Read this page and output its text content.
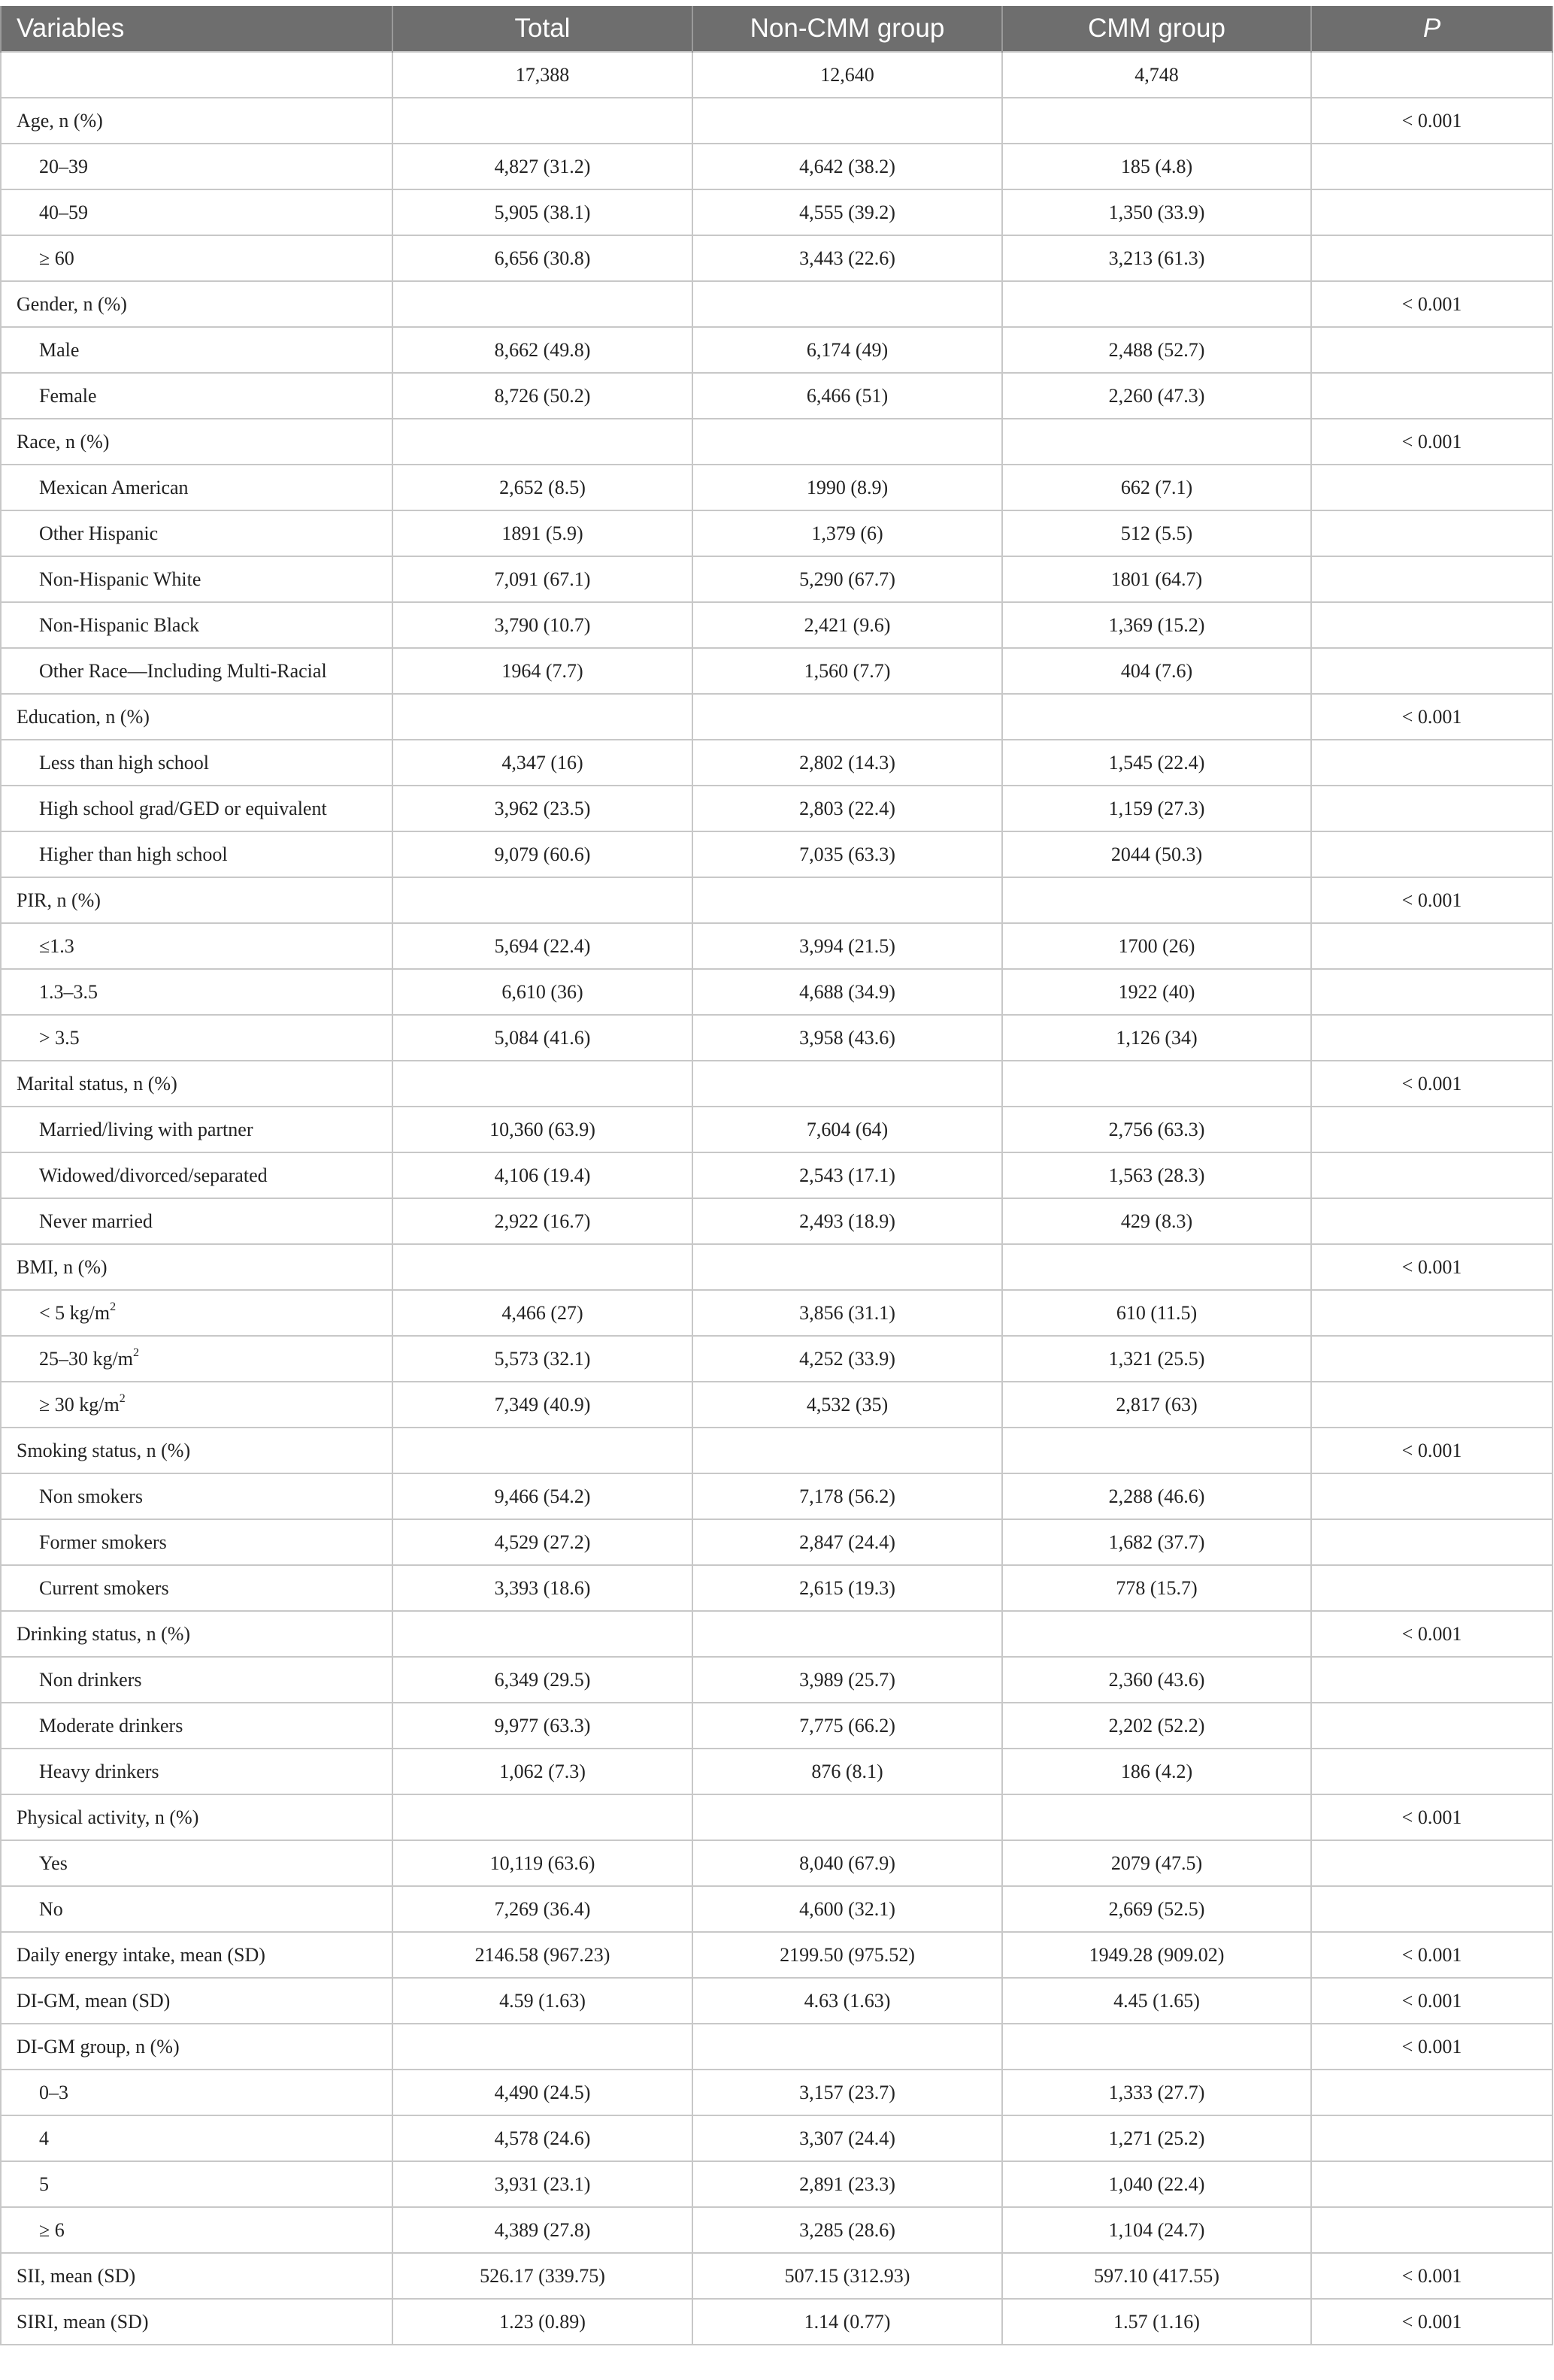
Variables	Total	Non-CMM group	CMM group	P
	17,388	12,640	4,748	
Age, n (%)				< 0.001
20–39	4,827 (31.2)	4,642 (38.2)	185 (4.8)	
40–59	5,905 (38.1)	4,555 (39.2)	1,350 (33.9)	
≥ 60	6,656 (30.8)	3,443 (22.6)	3,213 (61.3)	
Gender, n (%)				< 0.001
Male	8,662 (49.8)	6,174 (49)	2,488 (52.7)	
Female	8,726 (50.2)	6,466 (51)	2,260 (47.3)	
Race, n (%)				< 0.001
Mexican American	2,652 (8.5)	1990 (8.9)	662 (7.1)	
Other Hispanic	1891 (5.9)	1,379 (6)	512 (5.5)	
Non-Hispanic White	7,091 (67.1)	5,290 (67.7)	1801 (64.7)	
Non-Hispanic Black	3,790 (10.7)	2,421 (9.6)	1,369 (15.2)	
Other Race—Including Multi-Racial	1964 (7.7)	1,560 (7.7)	404 (7.6)	
Education, n (%)				< 0.001
Less than high school	4,347 (16)	2,802 (14.3)	1,545 (22.4)	
High school grad/GED or equivalent	3,962 (23.5)	2,803 (22.4)	1,159 (27.3)	
Higher than high school	9,079 (60.6)	7,035 (63.3)	2044 (50.3)	
PIR, n (%)				< 0.001
≤1.3	5,694 (22.4)	3,994 (21.5)	1700 (26)	
1.3–3.5	6,610 (36)	4,688 (34.9)	1922 (40)	
> 3.5	5,084 (41.6)	3,958 (43.6)	1,126 (34)	
Marital status, n (%)				< 0.001
Married/living with partner	10,360 (63.9)	7,604 (64)	2,756 (63.3)	
Widowed/divorced/separated	4,106 (19.4)	2,543 (17.1)	1,563 (28.3)	
Never married	2,922 (16.7)	2,493 (18.9)	429 (8.3)	
BMI, n (%)				< 0.001
< 5 $kg/m^2$	4,466 (27)	3,856 (31.1)	610 (11.5)	
25–30 $kg/m^2$	5,573 (32.1)	4,252 (33.9)	1,321 (25.5)	
≥ 30 $kg/m^2$	7,349 (40.9)	4,532 (35)	2,817 (63)	
Smoking status, n (%)				< 0.001
Non smokers	9,466 (54.2)	7,178 (56.2)	2,288 (46.6)	
Former smokers	4,529 (27.2)	2,847 (24.4)	1,682 (37.7)	
Current smokers	3,393 (18.6)	2,615 (19.3)	778 (15.7)	
Drinking status, n (%)				< 0.001
Non drinkers	6,349 (29.5)	3,989 (25.7)	2,360 (43.6)	
Moderate drinkers	9,977 (63.3)	7,775 (66.2)	2,202 (52.2)	
Heavy drinkers	1,062 (7.3)	876 (8.1)	186 (4.2)	
Physical activity, n (%)				< 0.001
Yes	10,119 (63.6)	8,040 (67.9)	2079 (47.5)	
No	7,269 (36.4)	4,600 (32.1)	2,669 (52.5)	
Daily energy intake, mean (SD)	2146.58 (967.23)	2199.50 (975.52)	1949.28 (909.02)	< 0.001
DI-GM, mean (SD)	4.59 (1.63)	4.63 (1.63)	4.45 (1.65)	< 0.001
DI-GM group, n (%)				< 0.001
0–3	4,490 (24.5)	3,157 (23.7)	1,333 (27.7)	
4	4,578 (24.6)	3,307 (24.4)	1,271 (25.2)	
5	3,931 (23.1)	2,891 (23.3)	1,040 (22.4)	
≥ 6	4,389 (27.8)	3,285 (28.6)	1,104 (24.7)	
SII, mean (SD)	526.17 (339.75)	507.15 (312.93)	597.10 (417.55)	< 0.001
SIRI, mean (SD)	1.23 (0.89)	1.14 (0.77)	1.57 (1.16)	< 0.001
